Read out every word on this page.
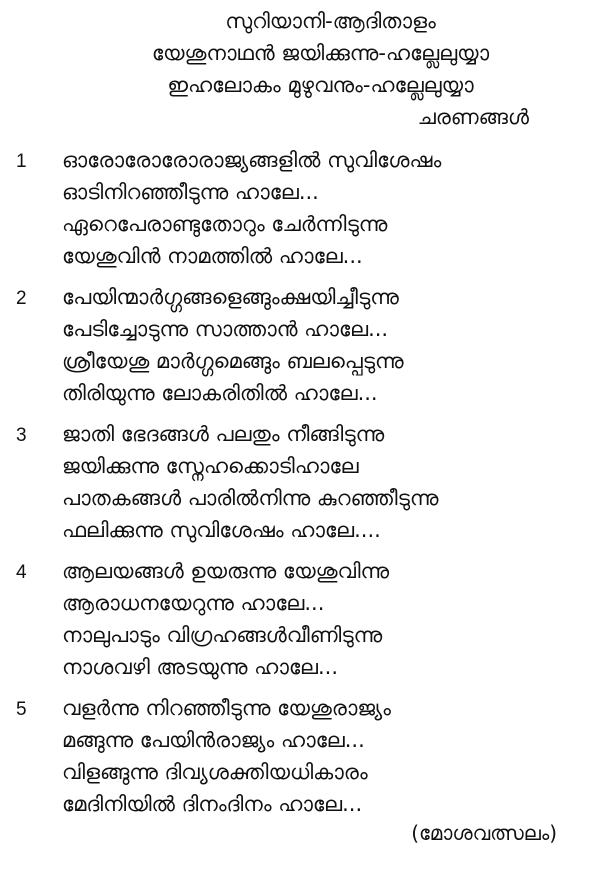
സുറിയാനി-ആദിതാളം
യേശുനാഥൻ ജയിക്കുന്നു-ഹല്ലേലുയ്യാ
ഇഹലോകം മുഴുവനും-ഹല്ലേലുയ്യാ
ചരണങ്ങൾ
1 ഓരോരോരോരാജ്യങ്ങളിൽ സുവിശേഷം
ഓടിനിറഞ്ഞീടുന്നു ഹാലേ...
ഏറെപേരാണ്ടുതോറും ചേർന്നിടുന്നു
യേശുവിൻ നാമത്തിൽ ഹാലേ...
2 പേയിന്മാർഗ്ഗങ്ങളെങ്ങുംക്ഷയിച്ചീടുന്നു
പേടിച്ചോടുന്നു സാത്താൻ ഹാലേ...
ശ്രീയേശു മാർഗ്ഗമെങ്ങും ബലപ്പെടുന്നു
തിരിയുന്നു ലോകരിതിൽ ഹാലേ...
3 ജാതി ഭേദങ്ങൾ പലതും നീങ്ങിടുന്നു
ജയിക്കുന്നു സ്നേഹക്കൊടിഹാലേ
പാതകങ്ങൾ പാരിൽനിന്നു കുറഞ്ഞീടുന്നു
ഫലിക്കുന്നു സുവിശേഷം ഹാലേ....
4 ആലയങ്ങൾ ഉയരുന്നു യേശുവിന്നു
ആരാധനയേറുന്നു ഹാലേ...
നാലുപാടും വിഗ്രഹങ്ങൾവീണിടുന്നു
നാശവഴി അടയുന്നു ഹാലേ...
5 വളർന്നു നിറഞ്ഞീടുന്നു യേശുരാജ്യം
മങ്ങുന്നു പേയിൻരാജ്യം ഹാലേ...
വിളങ്ങുന്നു ദിവ്യശക്തിയധികാരം
മേദിനിയിൽ ദിനംദിനം ഹാലേ...
(മോശവത്സലം)
